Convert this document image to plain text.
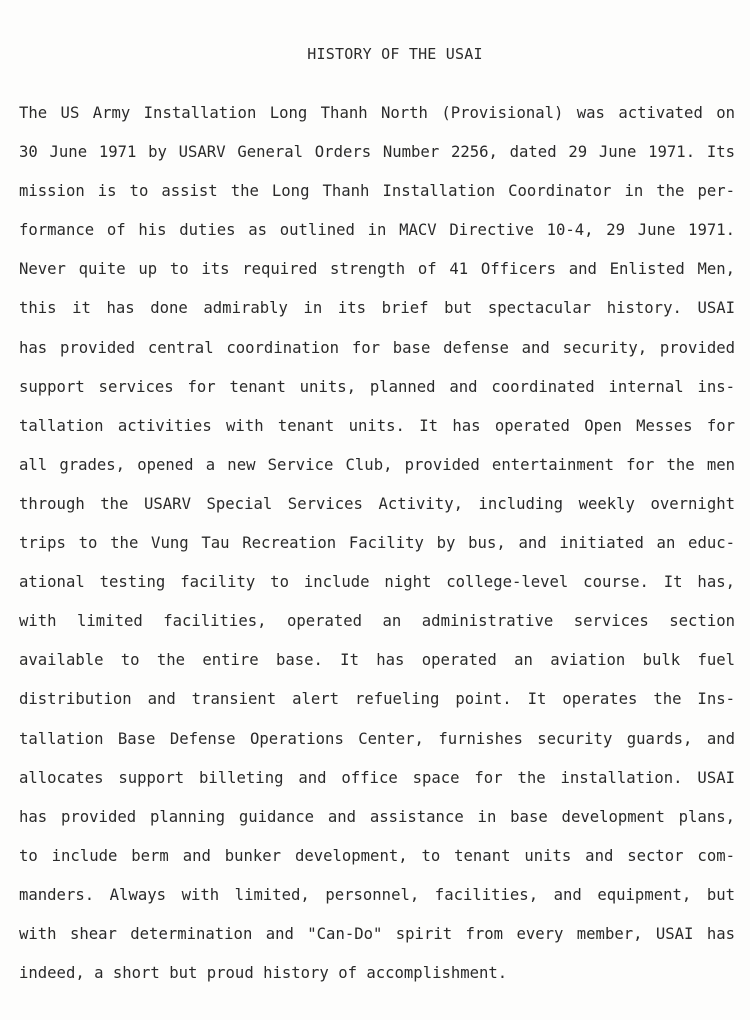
HISTORY OF THE USAI
The US Army Installation Long Thanh North (Provisional) was activated on
30 June 1971 by USARV General Orders Number 2256, dated 29 June 1971. Its
mission is to assist the Long Thanh Installation Coordinator in the per-
formance of his duties as outlined in MACV Directive 10-4, 29 June 1971.
Never quite up to its required strength of 41 Officers and Enlisted Men,
this it has done admirably in its brief but spectacular history. USAI
has provided central coordination for base defense and security, provided
support services for tenant units, planned and coordinated internal ins-
tallation activities with tenant units. It has operated Open Messes for
all grades, opened a new Service Club, provided entertainment for the men
through the USARV Special Services Activity, including weekly overnight
trips to the Vung Tau Recreation Facility by bus, and initiated an educ-
ational testing facility to include night college-level course. It has,
with limited facilities, operated an administrative services section
available to the entire base. It has operated an aviation bulk fuel
distribution and transient alert refueling point. It operates the Ins-
tallation Base Defense Operations Center, furnishes security guards, and
allocates support billeting and office space for the installation. USAI
has provided planning guidance and assistance in base development plans,
to include berm and bunker development, to tenant units and sector com-
manders. Always with limited, personnel, facilities, and equipment, but
with shear determination and "Can-Do" spirit from every member, USAI has
indeed, a short but proud history of accomplishment.
